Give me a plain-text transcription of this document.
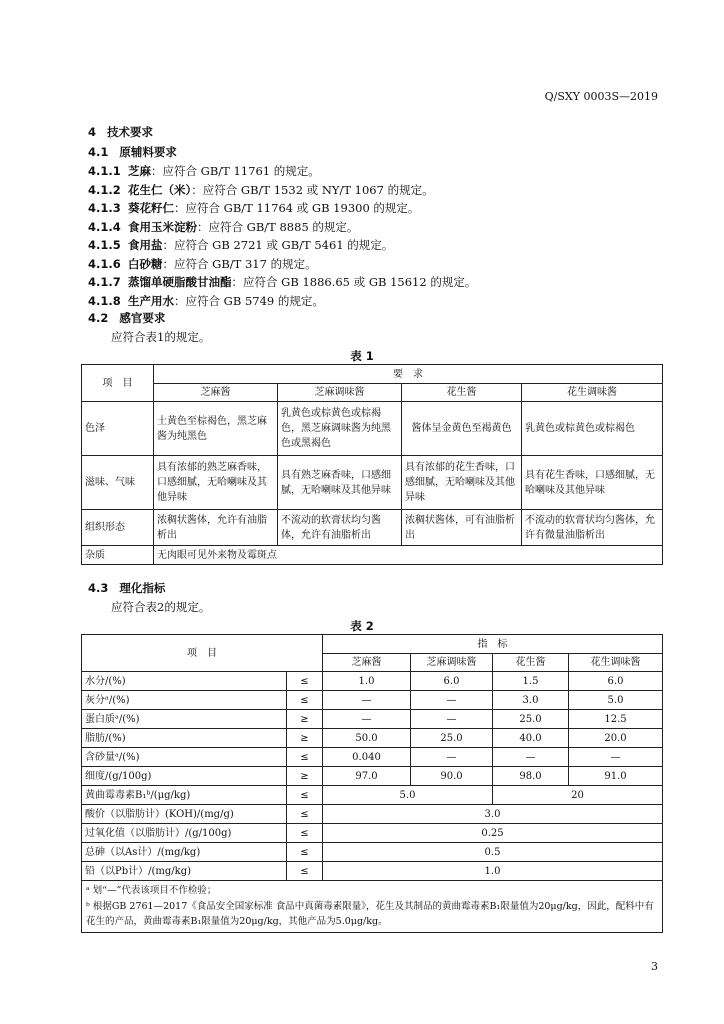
Q/SXY 0003S—2019
4 技术要求
4.1 原辅料要求
4.1.1 芝麻：应符合 GB/T 11761 的规定。
4.1.2 花生仁（米）：应符合 GB/T 1532 或 NY/T 1067 的规定。
4.1.3 葵花籽仁：应符合 GB/T 11764 或 GB 19300 的规定。
4.1.4 食用玉米淀粉：应符合 GB/T 8885 的规定。
4.1.5 食用盐：应符合 GB 2721 或 GB/T 5461 的规定。
4.1.6 白砂糖：应符合 GB/T 317 的规定。
4.1.7 蒸馏单硬脂酸甘油酯：应符合 GB 1886.65 或 GB 15612 的规定。
4.1.8 生产用水：应符合 GB 5749 的规定。
4.2 感官要求
应符合表1的规定。
表 1
项　目	要　求			
	芝麻酱	芝麻调味酱	花生酱	花生调味酱
色泽	土黄色至棕褐色，黑芝麻酱为纯黑色	乳黄色或棕黄色或棕褐色，黑芝麻调味酱为纯黑色或黑褐色	酱体呈金黄色至褐黄色	乳黄色或棕黄色或棕褐色
滋味、气味	具有浓郁的熟芝麻香味，口感细腻，无哈喇味及其他异味	具有熟芝麻香味，口感细腻，无哈喇味及其他异味	具有浓郁的花生香味，口感细腻，无哈喇味及其他异味	具有花生香味，口感细腻，无哈喇味及其他异味
组织形态	浓稠状酱体，允许有油脂析出	不流动的软膏状均匀酱体，允许有油脂析出	浓稠状酱体，可有油脂析出	不流动的软膏状均匀酱体，允许有微量油脂析出
杂质	无肉眼可见外来物及霉斑点			
4.3 理化指标
应符合表2的规定。
表 2
项　目		指　标			
		芝麻酱	芝麻调味酱	花生酱	花生调味酱
水分/(%)	≤	1.0	6.0	1.5	6.0
灰分ᵃ/(%)	≤	—	—	3.0	5.0
蛋白质ᵃ/(%)	≥	—	—	25.0	12.5
脂肪/(%)	≥	50.0	25.0	40.0	20.0
含砂量ᵃ/(%)	≤	0.040	—	—	—
细度/(g/100g)	≥	97.0	90.0	98.0	91.0
黄曲霉毒素B₁ᵇ/(μg/kg)	≤	5.0		20	
酸价（以脂肪计）(KOH)/(mg/g)	≤	3.0			
过氧化值（以脂肪计）/(g/100g)	≤	0.25			
总砷（以As计）/(mg/kg)	≤	0.5			
铅（以Pb计）/(mg/kg)	≤	1.0			

ᵃ 划“—”代表该项目不作检验；
ᵇ 根据GB 2761—2017《食品安全国家标准 食品中真菌毒素限量》，花生及其制品的黄曲霉毒素B₁限量值为20μg/kg，因此，配料中有花生的产品，黄曲霉毒素B₁限量值为20μg/kg，其他产品为5.0μg/kg。					
3
